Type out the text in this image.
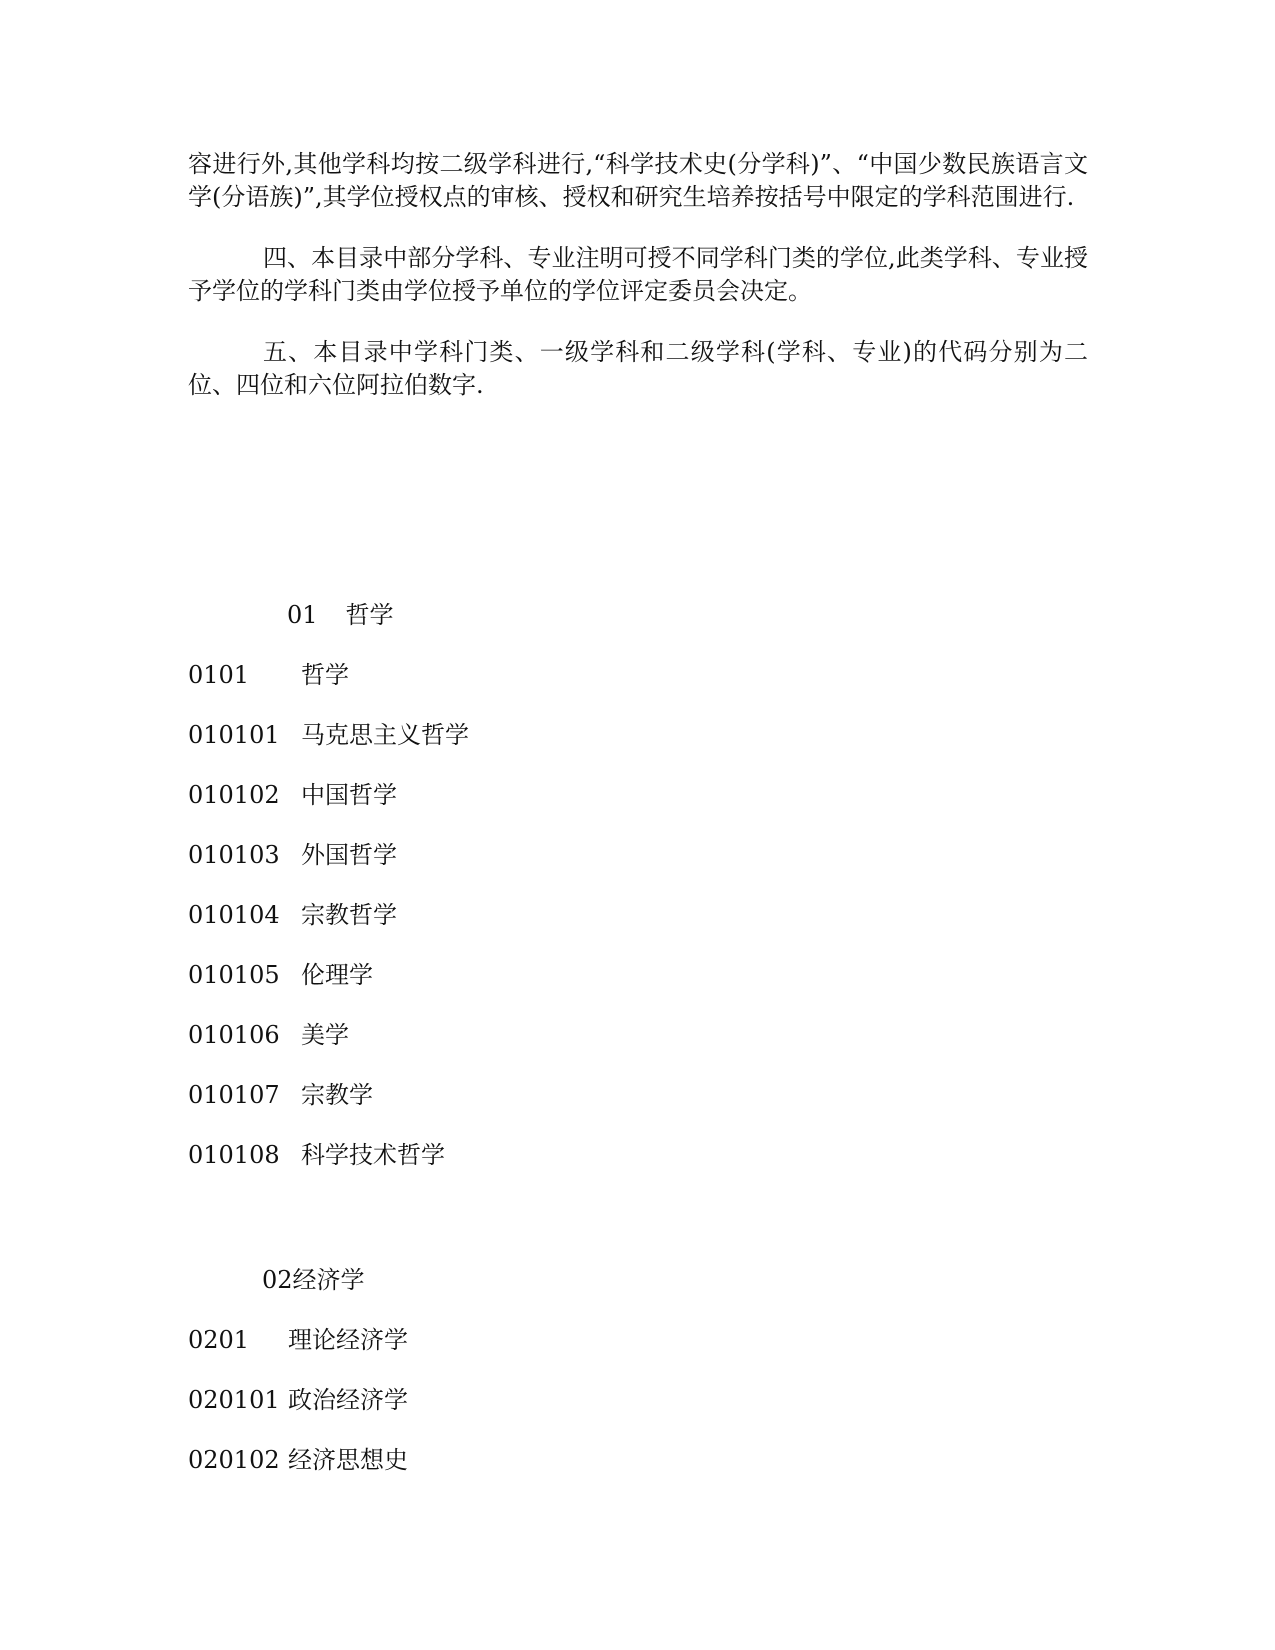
容进行外,其他学科均按二级学科进行,“科学技术史(分学科)”、“中国少数民族语言文学(分语族)”,其学位授权点的审核、授权和研究生培养按括号中限定的学科范围进行.

四、本目录中部分学科、专业注明可授不同学科门类的学位,此类学科、专业授予学位的学科门类由学位授予单位的学位评定委员会决定。

五、本目录中学科门类、一级学科和二级学科(学科、专业)的代码分别为二位、四位和六位阿拉伯数字.

01 哲学
0101 哲学
010101 马克思主义哲学
010102 中国哲学
010103 外国哲学
010104 宗教哲学
010105 伦理学
010106 美学
010107 宗教学
010108 科学技术哲学
02经济学
0201 理论经济学
020101 政治经济学
020102 经济思想史
